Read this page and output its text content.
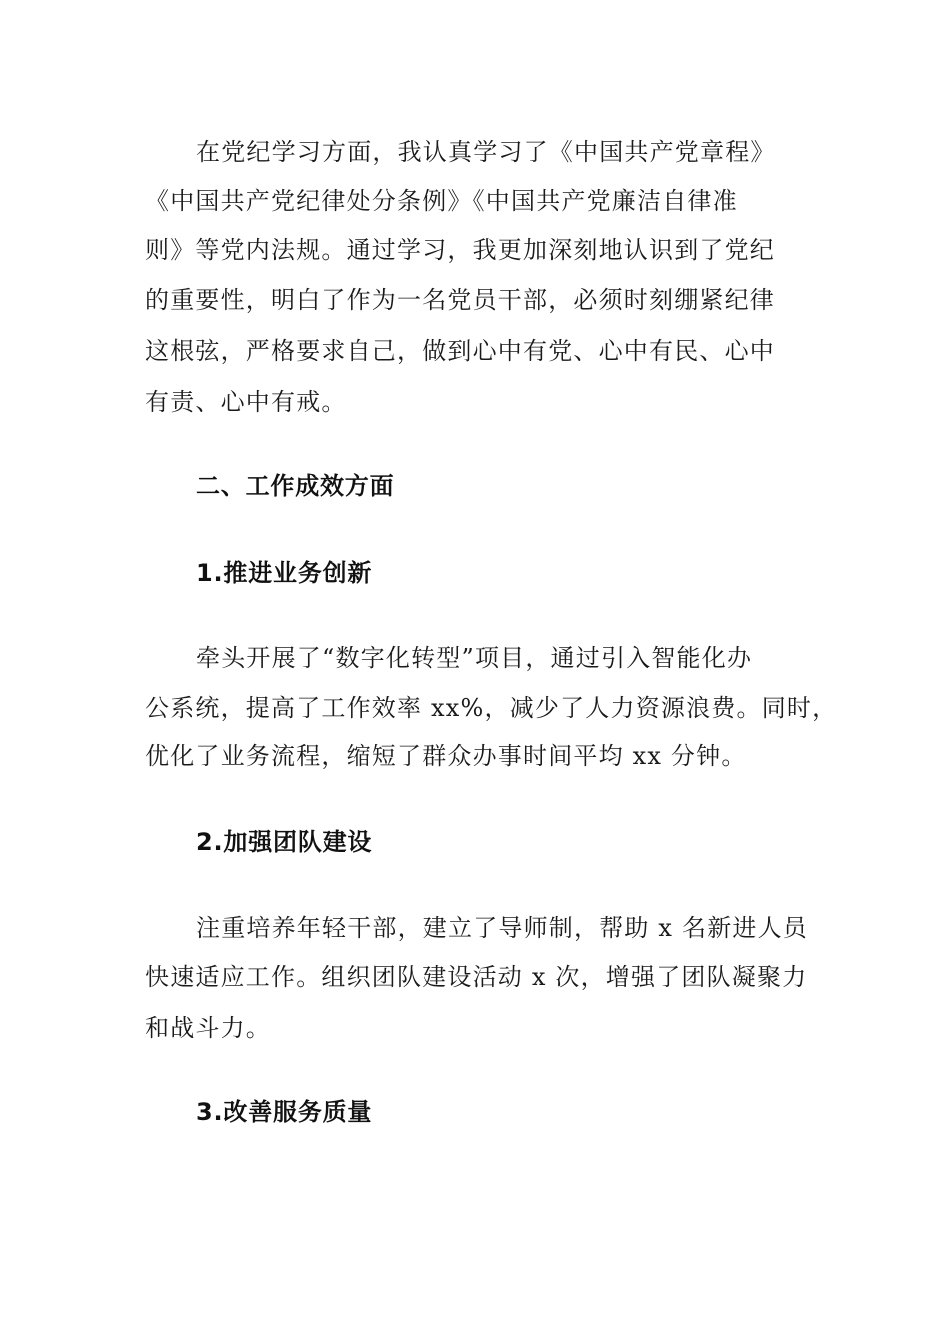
在党纪学习方面，我认真学习了《中国共产党章程》
《中国共产党纪律处分条例》《中国共产党廉洁自律准
则》等党内法规。通过学习，我更加深刻地认识到了党纪
的重要性，明白了作为一名党员干部，必须时刻绷紧纪律
这根弦，严格要求自己，做到心中有党、心中有民、心中
有责、心中有戒。
二、工作成效方面
1.推进业务创新
牵头开展了“数字化转型”项目，通过引入智能化办
公系统，提高了工作效率 xx%，减少了人力资源浪费。同时，
优化了业务流程，缩短了群众办事时间平均 xx 分钟。
2.加强团队建设
注重培养年轻干部，建立了导师制，帮助 x 名新进人员
快速适应工作。组织团队建设活动 x 次，增强了团队凝聚力
和战斗力。
3.改善服务质量
